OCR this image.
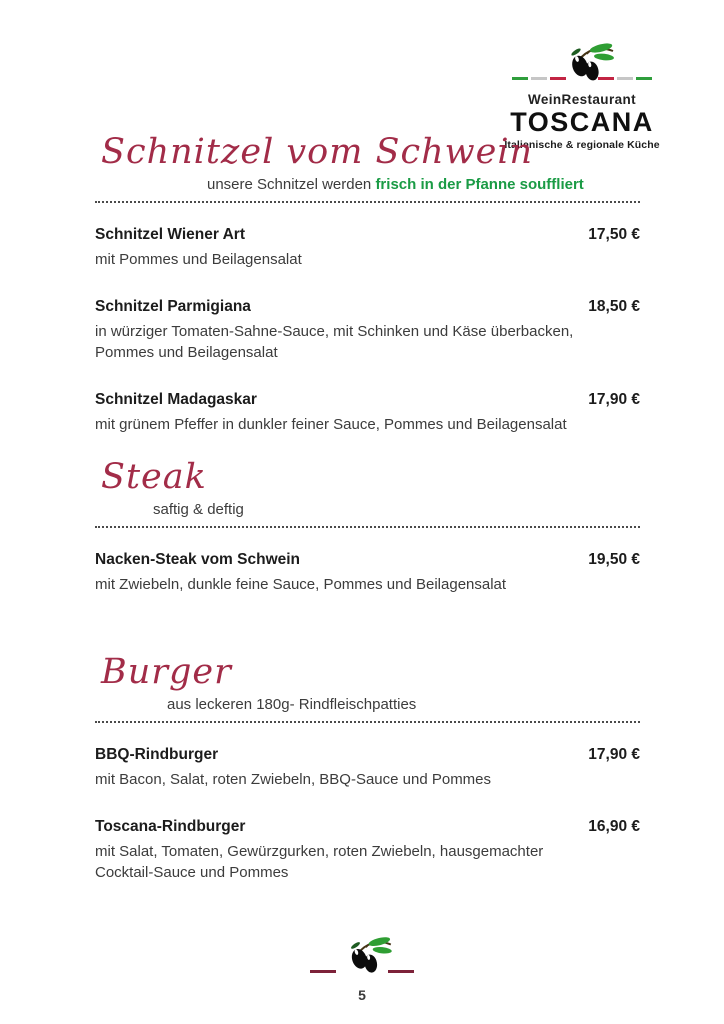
WeinRestaurant
TOSCANA
Italienische & regionale Küche
Schnitzel vom Schwein
unsere Schnitzel werden frisch in der Pfanne souffliert
Schnitzel Wiener Art	17,50 €
mit Pommes und Beilagensalat
Schnitzel Parmigiana	18,50 €
in würziger Tomaten-Sahne-Sauce, mit Schinken und Käse überbacken, Pommes und Beilagensalat
Schnitzel Madagaskar	17,90 €
mit grünem Pfeffer in dunkler feiner Sauce, Pommes und Beilagensalat
Steak
saftig & deftig
Nacken-Steak vom Schwein	19,50 €
mit Zwiebeln, dunkle feine Sauce, Pommes und Beilagensalat
Burger
aus leckeren 180g- Rindfleischpatties
BBQ-Rindburger	17,90 €
mit Bacon, Salat, roten Zwiebeln, BBQ-Sauce und Pommes
Toscana-Rindburger	16,90 €
mit Salat, Tomaten, Gewürzgurken, roten Zwiebeln, hausgemachter Cocktail-Sauce und Pommes
5
